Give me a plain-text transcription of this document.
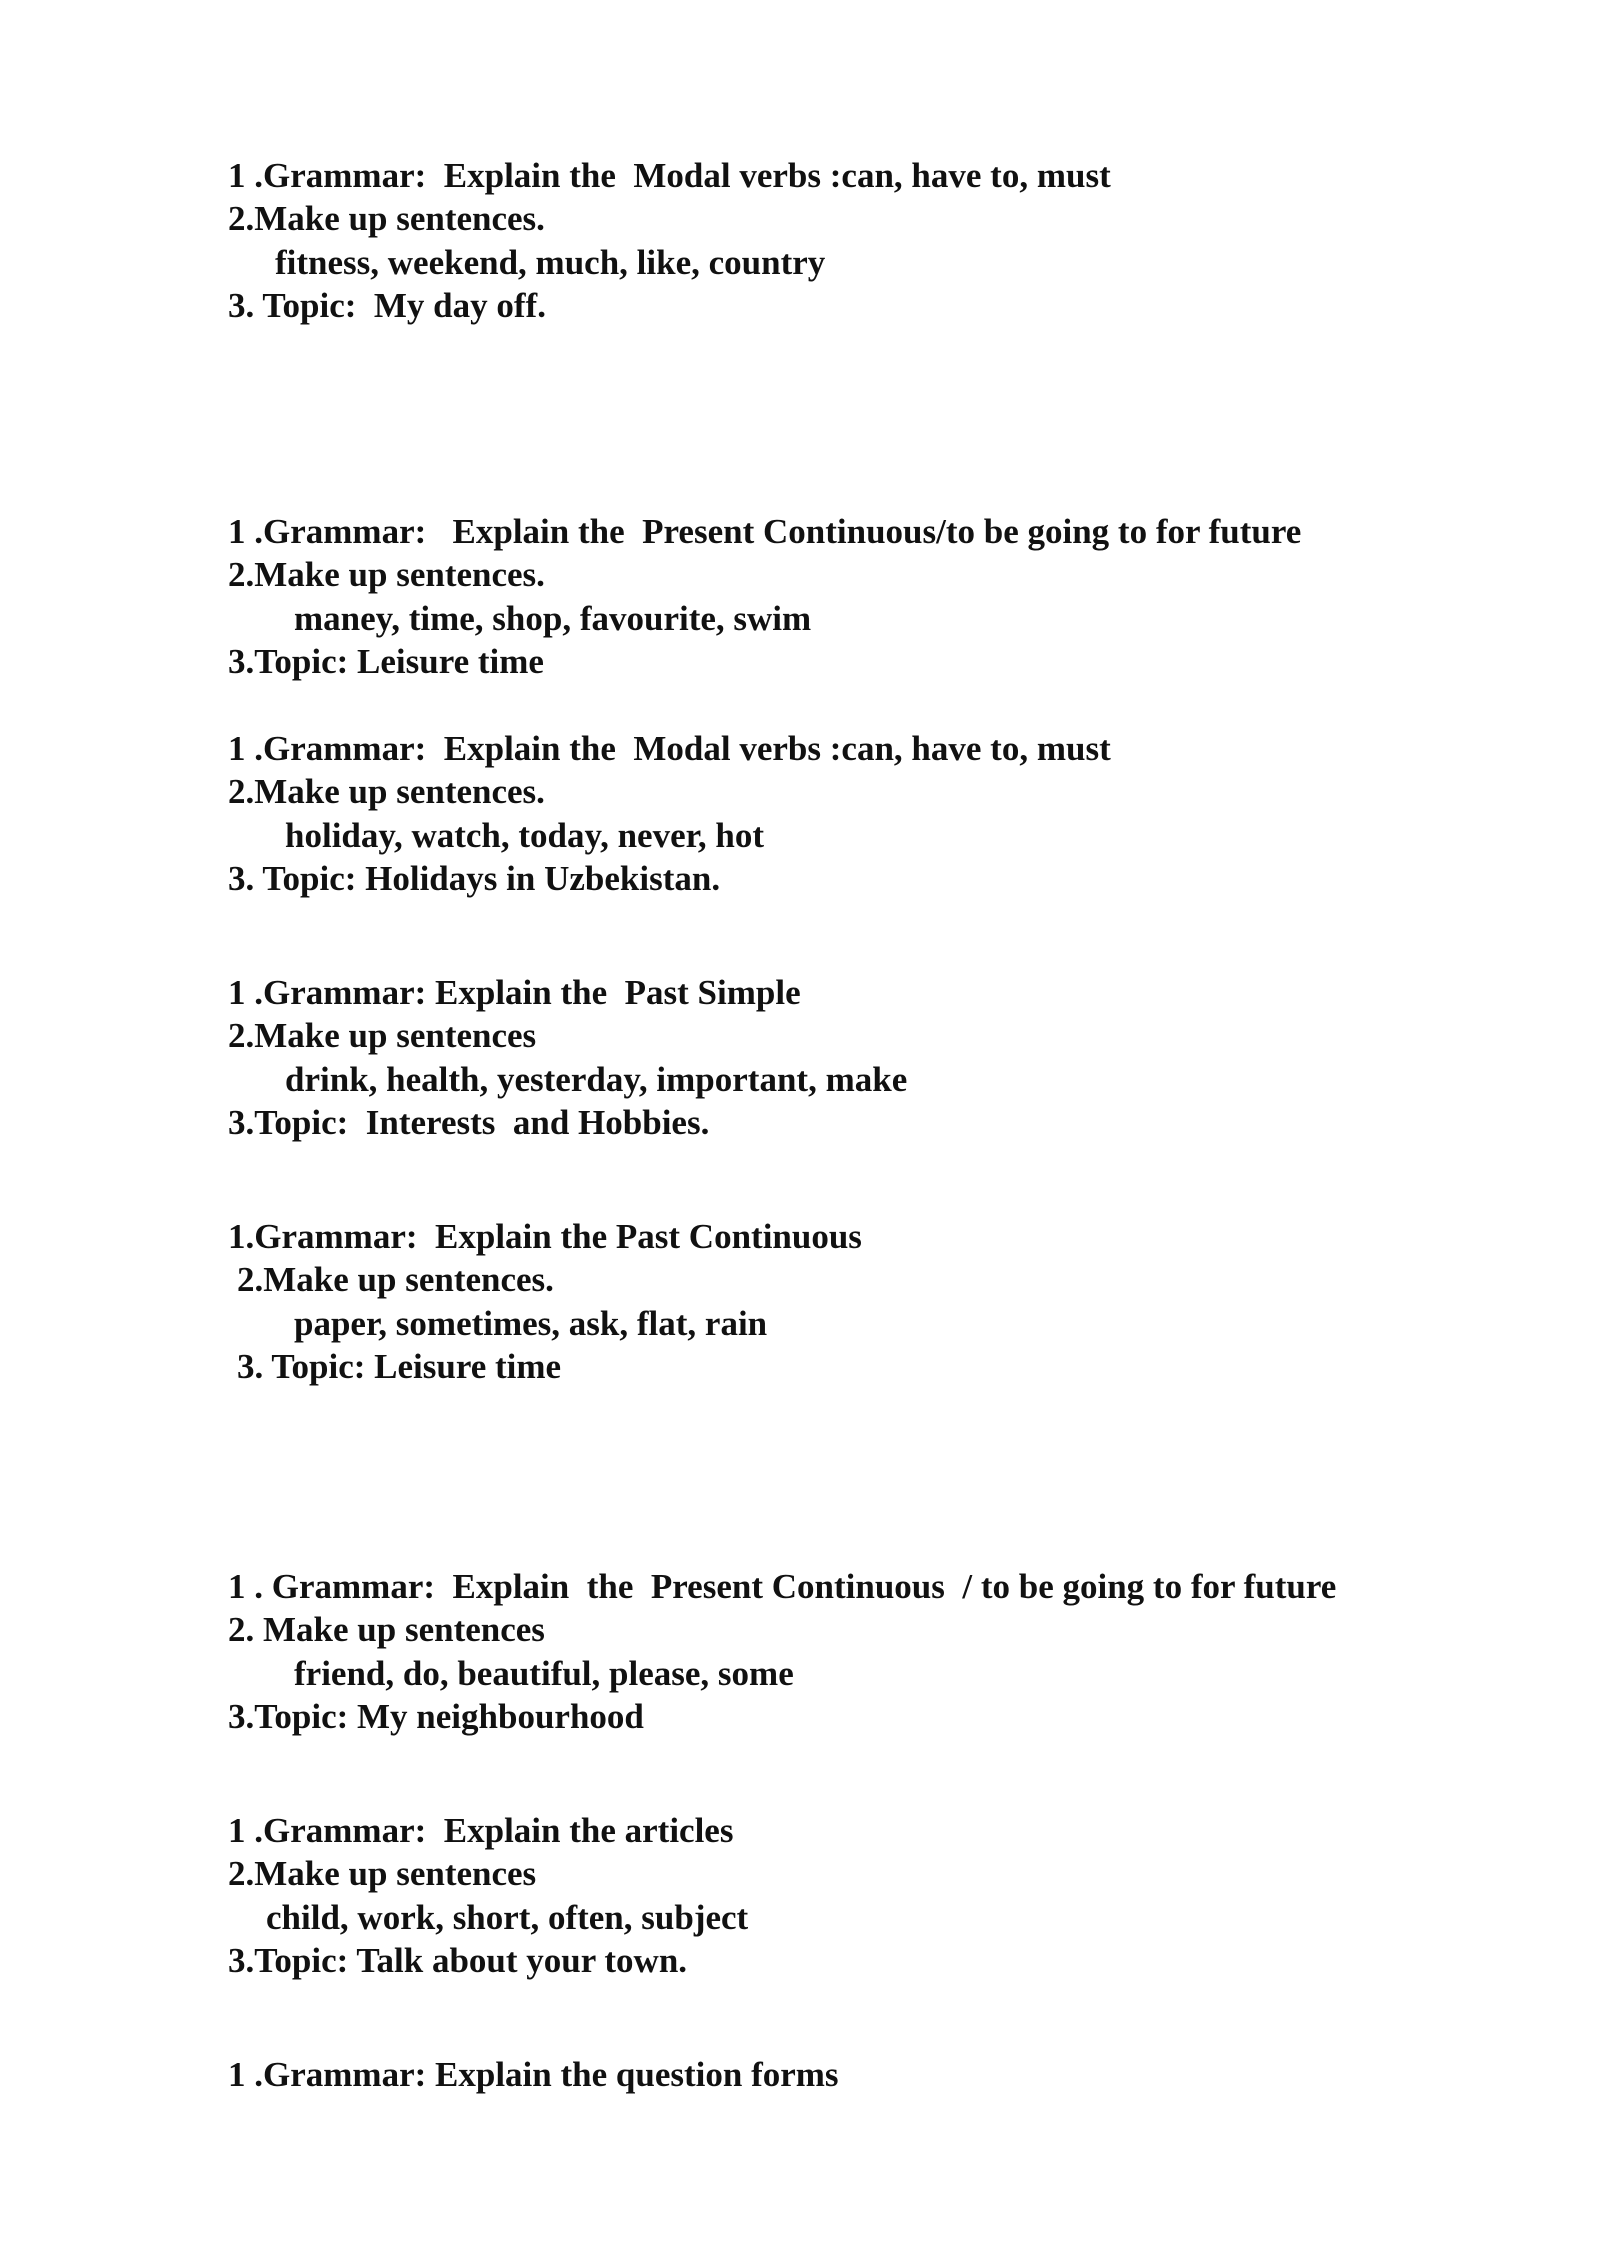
1 .Grammar:  Explain the  Modal verbs :can, have to, must
2.Make up sentences.
fitness, weekend, much, like, country
3. Topic:  My day off.
1 .Grammar:   Explain the  Present Continuous/to be going to for future
2.Make up sentences.
maney, time, shop, favourite, swim
3.Topic: Leisure time
1 .Grammar:  Explain the  Modal verbs :can, have to, must
2.Make up sentences.
holiday, watch, today, never, hot
3. Topic: Holidays in Uzbekistan.
1 .Grammar: Explain the  Past Simple
2.Make up sentences
drink, health, yesterday, important, make
3.Topic:  Interests  and Hobbies.
1.Grammar:  Explain the Past Continuous
2.Make up sentences.
paper, sometimes, ask, flat, rain
3. Topic: Leisure time
1 . Grammar:  Explain  the  Present Continuous  / to be going to for future
2. Make up sentences
friend, do, beautiful, please, some
3.Topic: My neighbourhood
1 .Grammar:  Explain the articles
2.Make up sentences
child, work, short, often, subject
3.Topic: Talk about your town.
1 .Grammar: Explain the question forms
